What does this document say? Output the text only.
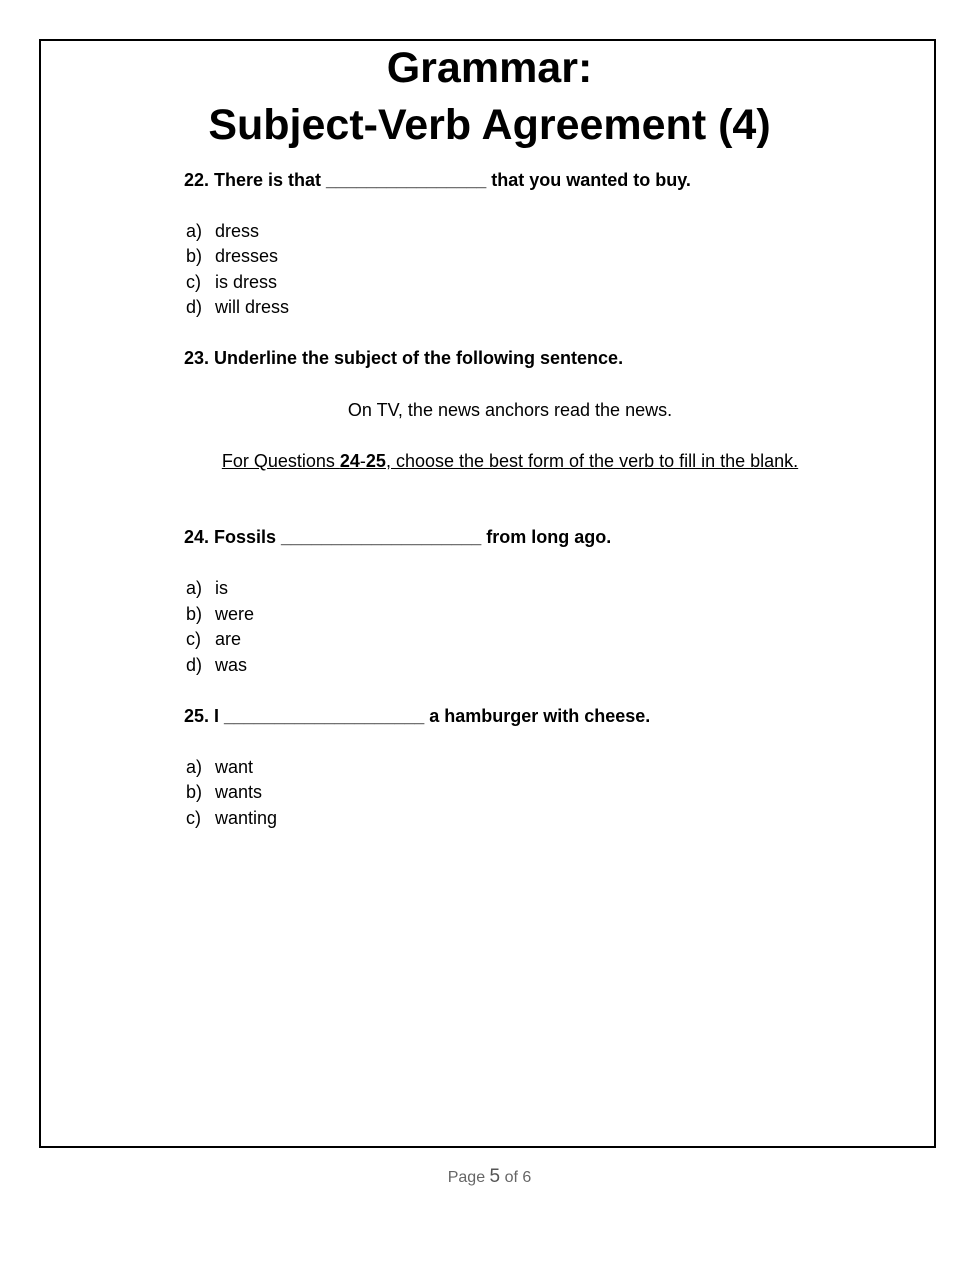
Grammar:
Subject-Verb Agreement (4)
22. There is that ________________ that you wanted to buy.
a) dress
b) dresses
c) is dress
d) will dress
23. Underline the subject of the following sentence.
On TV, the news anchors read the news.
For Questions 24-25, choose the best form of the verb to fill in the blank.
24. Fossils ____________________ from long ago.
a) is
b) were
c) are
d) was
25. I ____________________ a hamburger with cheese.
a) want
b) wants
c) wanting
Page 5 of 6
